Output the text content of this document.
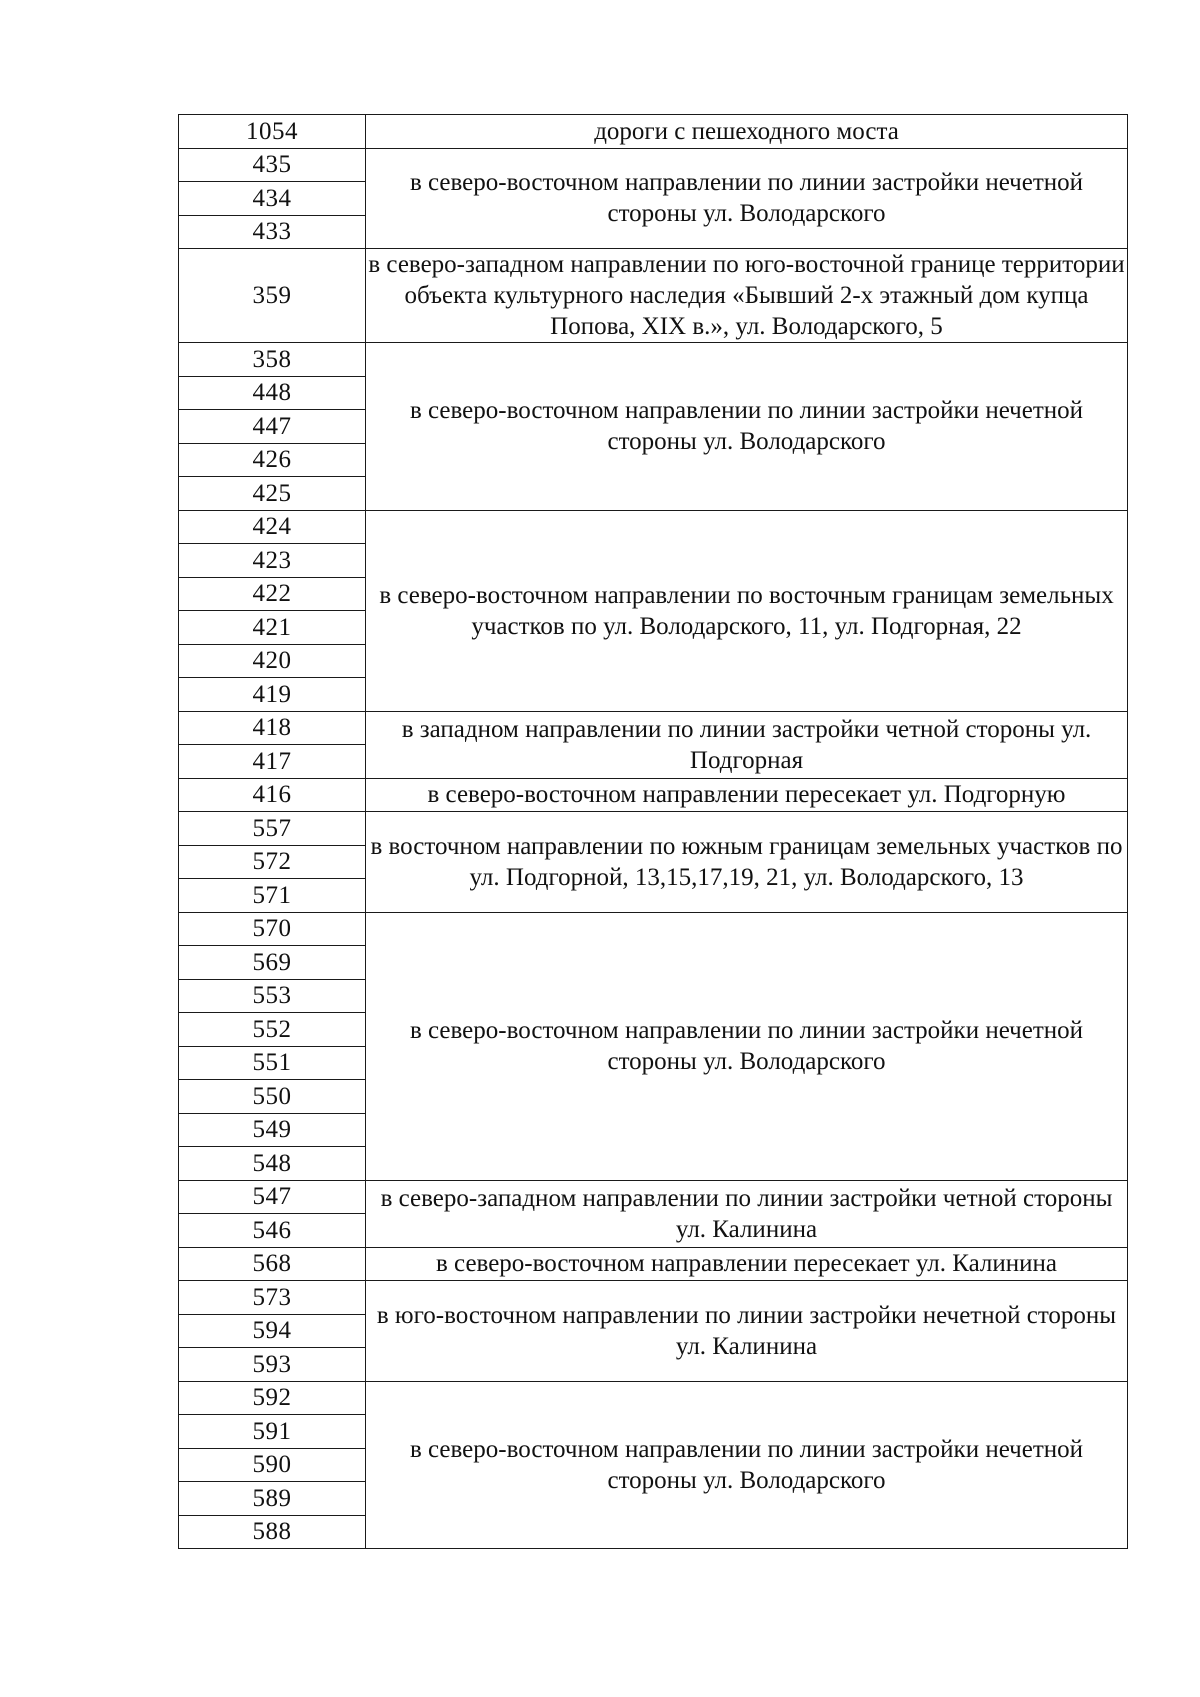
1054	дороги с пешеходного моста
435	в северо-восточном направлении по линии застройки нечетной стороны ул. Володарского
434	
433	
359	в северо-западном направлении по юго-восточной границе территории объекта культурного наследия «Бывший 2-х этажный дом купца Попова, XIX в.», ул. Володарского, 5
358	в северо-восточном направлении по линии застройки нечетной стороны ул. Володарского
448	
447	
426	
425	
424	в северо-восточном направлении по восточным границам земельных участков по ул. Володарского, 11, ул. Подгорная, 22
423	
422	
421	
420	
419	
418	в западном направлении по линии застройки четной стороны ул. Подгорная
417	
416	в северо-восточном направлении пересекает ул. Подгорную
557	в восточном направлении по южным границам земельных участков по ул. Подгорной, 13,15,17,19, 21, ул. Володарского, 13
572	
571	
570	в северо-восточном направлении по линии застройки нечетной стороны ул. Володарского
569	
553	
552	
551	
550	
549	
548	
547	в северо-западном направлении по линии застройки четной стороны ул. Калинина
546	
568	в северо-восточном направлении пересекает ул. Калинина
573	в юго-восточном направлении по линии застройки нечетной стороны ул. Калинина
594	
593	
592	в северо-восточном направлении по линии застройки нечетной стороны ул. Володарского
591	
590	
589	
588	
